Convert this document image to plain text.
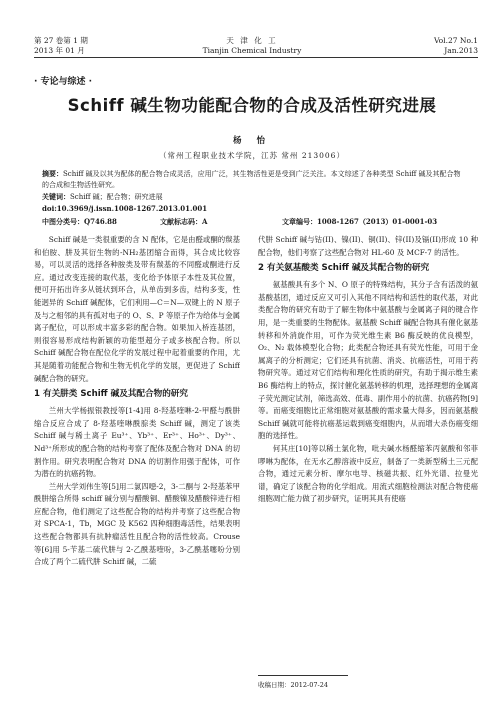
第 27 卷第 1 期
2013 年 01 月
天 津 化 工
Tianjin Chemical Industry
Vol.27 No.1
Jan.2013
· 专论与综述 ·
Schiff 碱生物功能配合物的合成及活性研究进展
杨 怡
（常州工程职业技术学院，江苏 常州 213006）
摘要：Schiff 碱及以其为配体的配合物合成灵活，应用广泛，其生物活性更是受到广泛关注。本文综述了各种类型 Schiff 碱及其配合物的合成和生物活性研究。
关键词：Schiff 碱；配合物；研究进展
doi:10.3969/j.issn.1008-1267.2013.01.001
中图分类号：Q746.88	文献标志码：A	文章编号：1008-1267（2013）01-0001-03

Schiff 碱是一类很重要的含 N 配体，它是由醛或酮的羰基和伯胺、肼及其衍生物的-NH₂基团缩合而得，其合成比较容易，可以灵活的选择各种胺类及带有羰基的不同醛或酮进行反应。通过改变连接的取代基，变化给予体原子本性及其位置，便可开拓出许多从链状到环合，从单齿到多齿，结构多变，性能迥异的 Schiff 碱配体，它们利用—C＝N—双键上的 N 原子及与之相邻的具有孤对电子的 O、S、P 等原子作为给体与金属离子配位，可以形成丰富多彩的配合物。如果加入桥连基团，则很容易形成结构新颖的功能型超分子或多核配合物。所以 Schiff 碱配合物在配位化学的发展过程中起着重要的作用，尤其是随着功能配合物和生物无机化学的发展，更促进了 Schiff 碱配合物的研究。

1 有关肼类 Schiff 碱及其配合物的研究

兰州大学杨振银教授等[1-4]用 8-羟基喹啉-2-甲醛与酰肼缩合反应合成了 8-羟基喹啉酰腙类 Schiff 碱，测定了该类 Schiff 碱与稀土离子 Eu³⁺、Yb³⁺、Er³⁺、Ho³⁺、Dy³⁺、Nd³⁺所形成的配合物的结构考察了配体及配合物对 DNA 的切割作用。研究表明配合物对 DNA 的切割作用强于配体，可作为潜在的抗癌药物。

兰州大学刘伟生等[5]用二氯四噁-2，3-二酮与 2-羟基苯甲酰肼缩合所得 schiff 碱分别与醋酸铜、醋酸镍及醋酸锌进行相应配合物，他们测定了这些配合物的结构并考察了这些配合物对 SPCA-1，Tb，MGC 及 K562 四种细胞毒活性，结果表明这些配合物都具有抗肿瘤活性且配合物的活性较高。Crouse 等[6]用 5-苄基二硫代肼与 2-乙酰基喹吩，3-乙酰基噻吩分别合成了两个二硫代肼 Schiff 碱，二硫

代肼 Schiff 碱与钴(II)、镍(II)、铜(II)、锌(II)及镉(II)形成 10 种配合物，他们考察了这些配合物对 HL-60 及 MCF-7 的活性。

2 有关氨基酸类 Schiff 碱及其配合物的研究

氨基酸具有多个 N、O 原子的特殊结构，其分子含有活泼的氨基酸基团，通过反应又可引入其他不同结构和活性的取代基，对此类配合物的研究有助于了解生物体中氨基酸与金属离子间的键合作用，是一类重要的生物配体。氨基酸 Schiff 碱配合物具有催化氨基转移和外消旋作用，可作为荧光维生素 B6 酶反映的优良模型，O₂、N₂ 载体模型化合物；此类配合物还具有荧光性能，可用于金属离子的分析测定；它们还具有抗菌、消炎、抗癌活性，可用于药物研究等。通过对它们结构和理化性质的研究，有助于揭示维生素 B6 酶结构上的特点，探讨催化氨基转移的机理，选择理想的金属离子荧光测定试剂，筛选高效、低毒、副作用小的抗菌、抗癌药物[9]等。而癌变细胞比正常细胞对氨基酸的需求量大得多，因而氨基酸 Schiff 碱就可能将抗癌基运载到癌变细胞内，从而增大杀伤癌变细胞的选择性。

何其庄[10]等以稀土氯化物，吡夫碱水杨醛缩苯丙氨酸和邻菲啰啉为配体，在无水乙醇溶液中反应，制备了一类新型稀土三元配合物，通过元素分析、摩尔电导、核磁共振、红外光谱、拉曼光谱，确定了该配合物的化学组成。用流式细胞检测法对配合物使癌细胞凋亡能力做了初步研究，证明其具有使癌

收稿日期：2012-07-24
